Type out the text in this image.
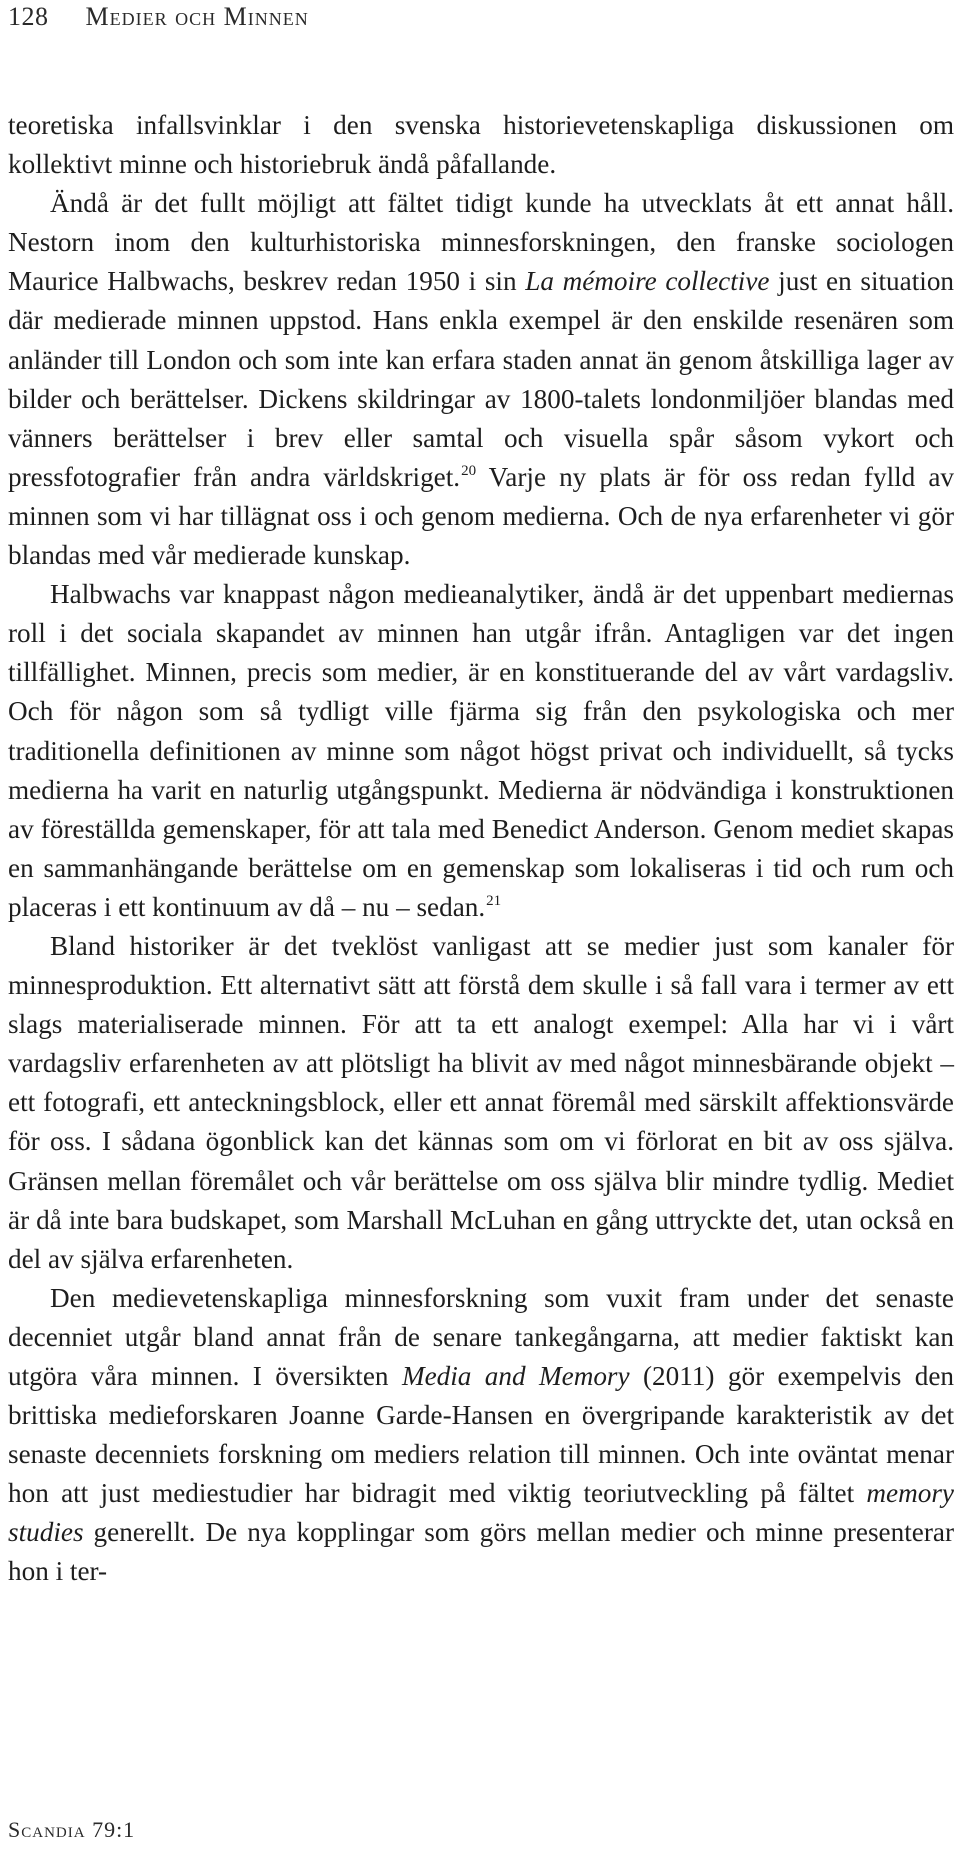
128 Medier och Minnen

teoretiska infallsvinklar i den svenska historievetenskapliga diskussionen om kollektivt minne och historiebruk ändå påfallande.

Ändå är det fullt möjligt att fältet tidigt kunde ha utvecklats åt ett annat håll. Nestorn inom den kulturhistoriska minnesforskningen, den franske sociologen Maurice Halbwachs, beskrev redan 1950 i sin La mémoire collective just en situation där medierade minnen uppstod. Hans enkla exempel är den enskilde resenären som anländer till London och som inte kan erfara staden annat än genom åtskilliga lager av bilder och berättelser. Dickens skildringar av 1800-talets londonmiljöer blandas med vänners berättelser i brev eller samtal och visuella spår såsom vykort och pressfotografier från andra världskriget.$^{20}$ Varje ny plats är för oss redan fylld av minnen som vi har tillägnat oss i och genom medierna. Och de nya erfarenheter vi gör blandas med vår medierade kunskap.

Halbwachs var knappast någon medieanalytiker, ändå är det uppenbart mediernas roll i det sociala skapandet av minnen han utgår ifrån. Antagligen var det ingen tillfällighet. Minnen, precis som medier, är en konstituerande del av vårt vardagsliv. Och för någon som så tydligt ville fjärma sig från den psykologiska och mer traditionella definitionen av minne som något högst privat och individuellt, så tycks medierna ha varit en naturlig utgångspunkt. Medierna är nödvändiga i konstruktionen av föreställda gemenskaper, för att tala med Benedict Anderson. Genom mediet skapas en sammanhängande berättelse om en gemenskap som lokaliseras i tid och rum och placeras i ett kontinuum av då – nu – sedan.$^{21}$

Bland historiker är det tveklöst vanligast att se medier just som kanaler för minnesproduktion. Ett alternativt sätt att förstå dem skulle i så fall vara i termer av ett slags materialiserade minnen. För att ta ett analogt exempel: Alla har vi i vårt vardagsliv erfarenheten av att plötsligt ha blivit av med något minnesbärande objekt – ett fotografi, ett anteckningsblock, eller ett annat föremål med särskilt affektionsvärde för oss. I sådana ögonblick kan det kännas som om vi förlorat en bit av oss själva. Gränsen mellan föremålet och vår berättelse om oss själva blir mindre tydlig. Mediet är då inte bara budskapet, som Marshall McLuhan en gång uttryckte det, utan också en del av själva erfarenheten.

Den medievetenskapliga minnesforskning som vuxit fram under det senaste decenniet utgår bland annat från de senare tankegångarna, att medier faktiskt kan utgöra våra minnen. I översikten Media and Memory (2011) gör exempelvis den brittiska medieforskaren Joanne Garde-Hansen en övergripande karakteristik av det senaste decenniets forskning om mediers relation till minnen. Och inte oväntat menar hon att just mediestudier har bidragit med viktig teoriutveckling på fältet memory studies generellt. De nya kopplingar som görs mellan medier och minne presenterar hon i ter-

Scandia 79:1
